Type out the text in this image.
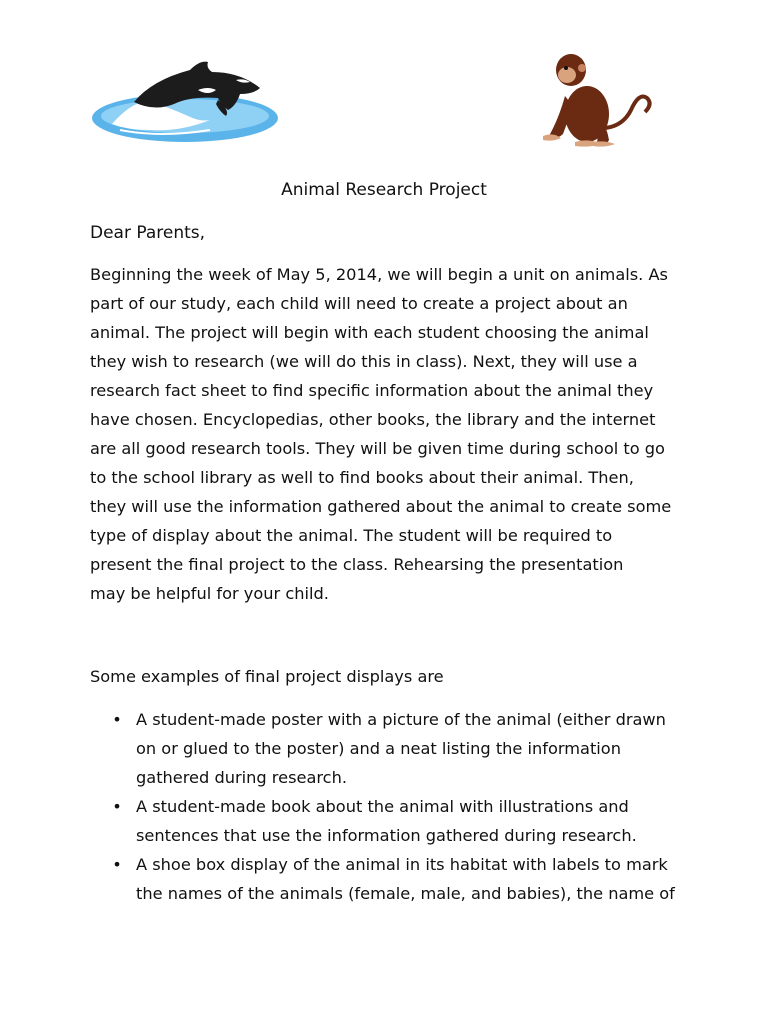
Animal Research Project
Dear Parents,
Beginning the week of May 5, 2014, we will begin a unit on animals. As
part of our study, each child will need to create a project about an
animal. The project will begin with each student choosing the animal
they wish to research (we will do this in class). Next, they will use a
research fact sheet to find specific information about the animal they
have chosen. Encyclopedias, other books, the library and the internet
are all good research tools. They will be given time during school to go
to the school library as well to find books about their animal. Then,
they will use the information gathered about the animal to create some
type of display about the animal. The student will be required to
present the final project to the class. Rehearsing the presentation
may be helpful for your child.
Some examples of final project displays are
• A student-made poster with a picture of the animal (either drawn
on or glued to the poster) and a neat listing the information
gathered during research.
• A student-made book about the animal with illustrations and
sentences that use the information gathered during research.
• A shoe box display of the animal in its habitat with labels to mark
the names of the animals (female, male, and babies), the name of
